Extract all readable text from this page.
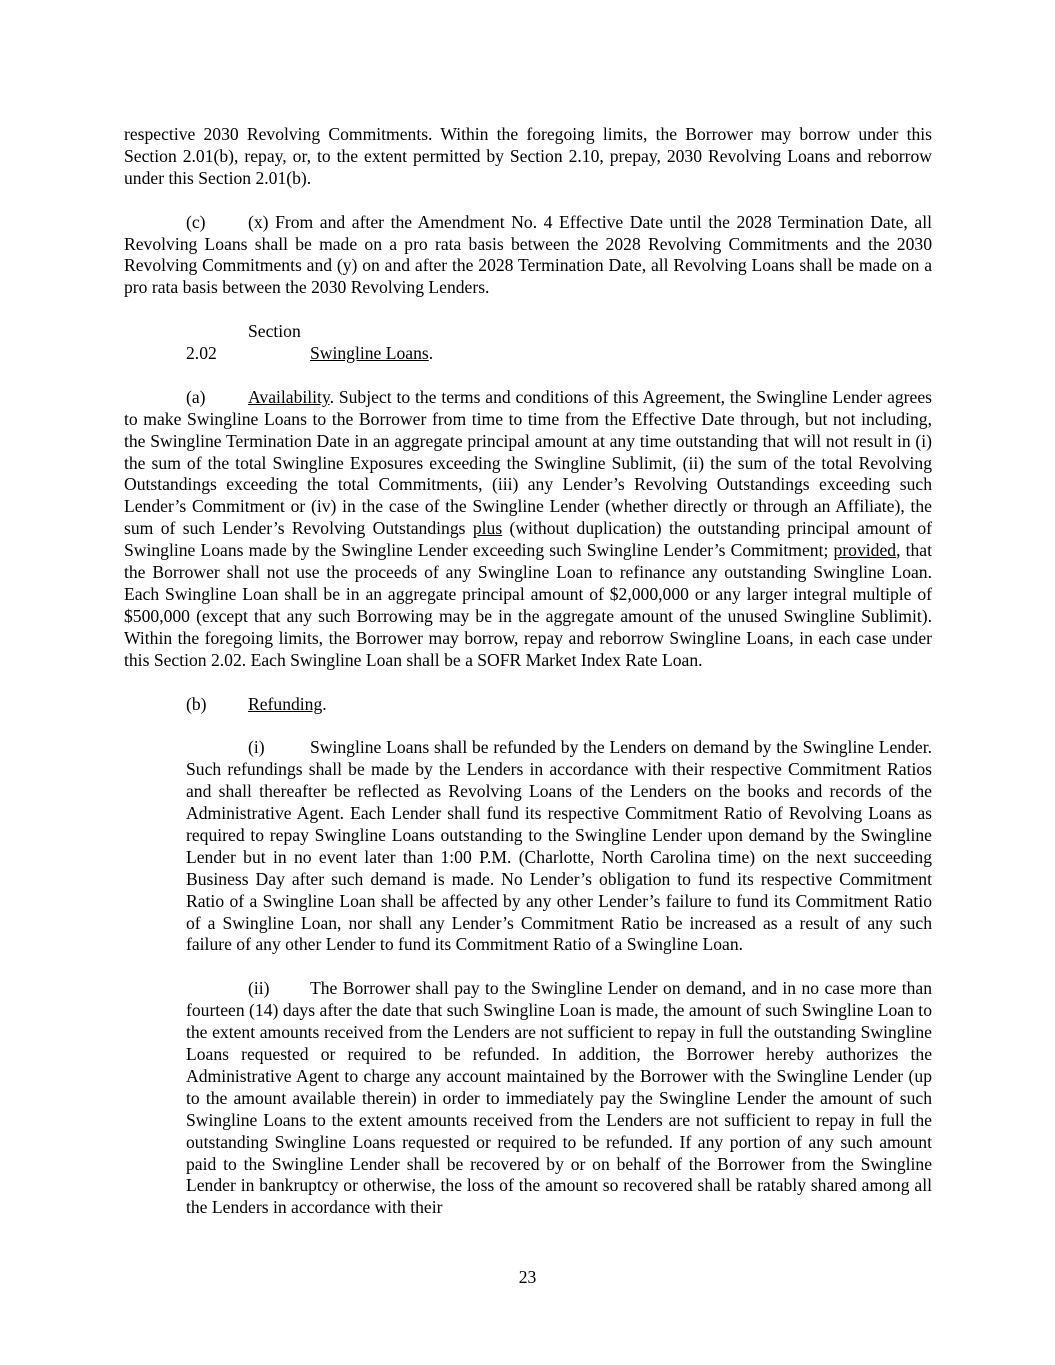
respective 2030 Revolving Commitments. Within the foregoing limits, the Borrower may borrow under this Section 2.01(b), repay, or, to the extent permitted by Section 2.10, prepay, 2030 Revolving Loans and reborrow under this Section 2.01(b).

(c) (x) From and after the Amendment No. 4 Effective Date until the 2028 Termination Date, all Revolving Loans shall be made on a pro rata basis between the 2028 Revolving Commitments and the 2030 Revolving Commitments and (y) on and after the 2028 Termination Date, all Revolving Loans shall be made on a pro rata basis between the 2030 Revolving Lenders.

Section 2.02	Swingline Loans.

(a) Availability. Subject to the terms and conditions of this Agreement, the Swingline Lender agrees to make Swingline Loans to the Borrower from time to time from the Effective Date through, but not including, the Swingline Termination Date in an aggregate principal amount at any time outstanding that will not result in (i) the sum of the total Swingline Exposures exceeding the Swingline Sublimit, (ii) the sum of the total Revolving Outstandings exceeding the total Commitments, (iii) any Lender’s Revolving Outstandings exceeding such Lender’s Commitment or (iv) in the case of the Swingline Lender (whether directly or through an Affiliate), the sum of such Lender’s Revolving Outstandings plus (without duplication) the outstanding principal amount of Swingline Loans made by the Swingline Lender exceeding such Swingline Lender’s Commitment; provided, that the Borrower shall not use the proceeds of any Swingline Loan to refinance any outstanding Swingline Loan. Each Swingline Loan shall be in an aggregate principal amount of $2,000,000 or any larger integral multiple of $500,000 (except that any such Borrowing may be in the aggregate amount of the unused Swingline Sublimit). Within the foregoing limits, the Borrower may borrow, repay and reborrow Swingline Loans, in each case under this Section 2.02. Each Swingline Loan shall be a SOFR Market Index Rate Loan.

(b) Refunding.

(i)	Swingline Loans shall be refunded by the Lenders on demand by the Swingline Lender. Such refundings shall be made by the Lenders in accordance with their respective Commitment Ratios and shall thereafter be reflected as Revolving Loans of the Lenders on the books and records of the Administrative Agent. Each Lender shall fund its respective Commitment Ratio of Revolving Loans as required to repay Swingline Loans outstanding to the Swingline Lender upon demand by the Swingline Lender but in no event later than 1:00 P.M. (Charlotte, North Carolina time) on the next succeeding Business Day after such demand is made. No Lender’s obligation to fund its respective Commitment Ratio of a Swingline Loan shall be affected by any other Lender’s failure to fund its Commitment Ratio of a Swingline Loan, nor shall any Lender’s Commitment Ratio be increased as a result of any such failure of any other Lender to fund its Commitment Ratio of a Swingline Loan.

(ii) The Borrower shall pay to the Swingline Lender on demand, and in no case more than fourteen (14) days after the date that such Swingline Loan is made, the amount of such Swingline Loan to the extent amounts received from the Lenders are not sufficient to repay in full the outstanding Swingline Loans requested or required to be refunded. In addition, the Borrower hereby authorizes the Administrative Agent to charge any account maintained by the Borrower with the Swingline Lender (up to the amount available therein) in order to immediately pay the Swingline Lender the amount of such Swingline Loans to the extent amounts received from the Lenders are not sufficient to repay in full the outstanding Swingline Loans requested or required to be refunded. If any portion of any such amount paid to the Swingline Lender shall be recovered by or on behalf of the Borrower from the Swingline Lender in bankruptcy or otherwise, the loss of the amount so recovered shall be ratably shared among all the Lenders in accordance with their

23
